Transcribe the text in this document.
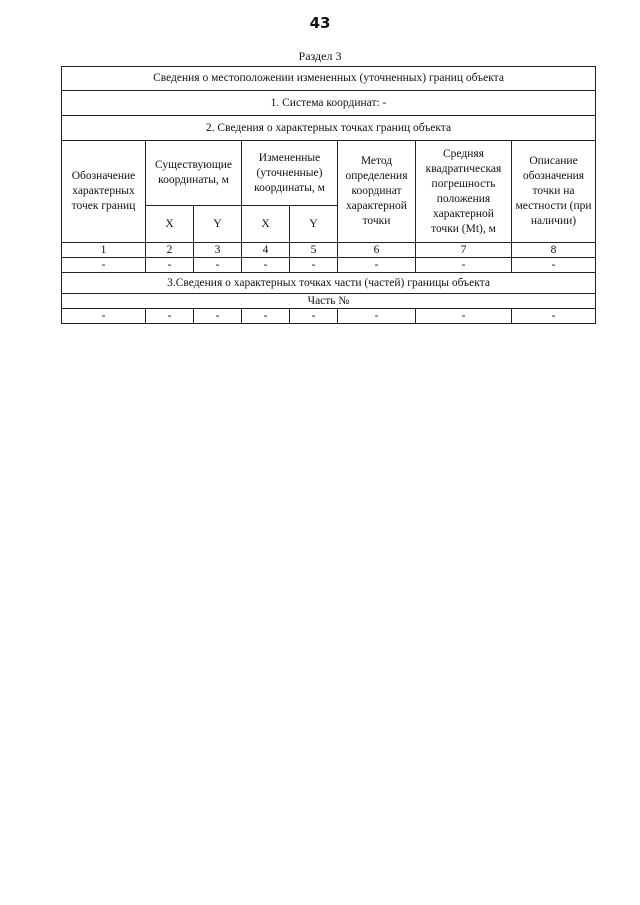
43
Раздел 3
Сведения о местоположении измененных (уточненных) границ объекта							
1. Система координат: -							
2. Сведения о характерных точках границ объекта							
Обозначение характерных точек границ	Существующие координаты, м		Измененные (уточненные) координаты, м		Метод определения координат характерной точки	Средняя квадратическая погрешность положения характерной точки (Mt), м	Описание обозначения точки на местности (при наличии)
	X	Y	X	Y			
1	2	3	4	5	6	7	8
-	-	-	-	-	-	-	-
3.Сведения о характерных точках части (частей) границы объекта							
Часть №							
-	-	-	-	-	-	-	-
